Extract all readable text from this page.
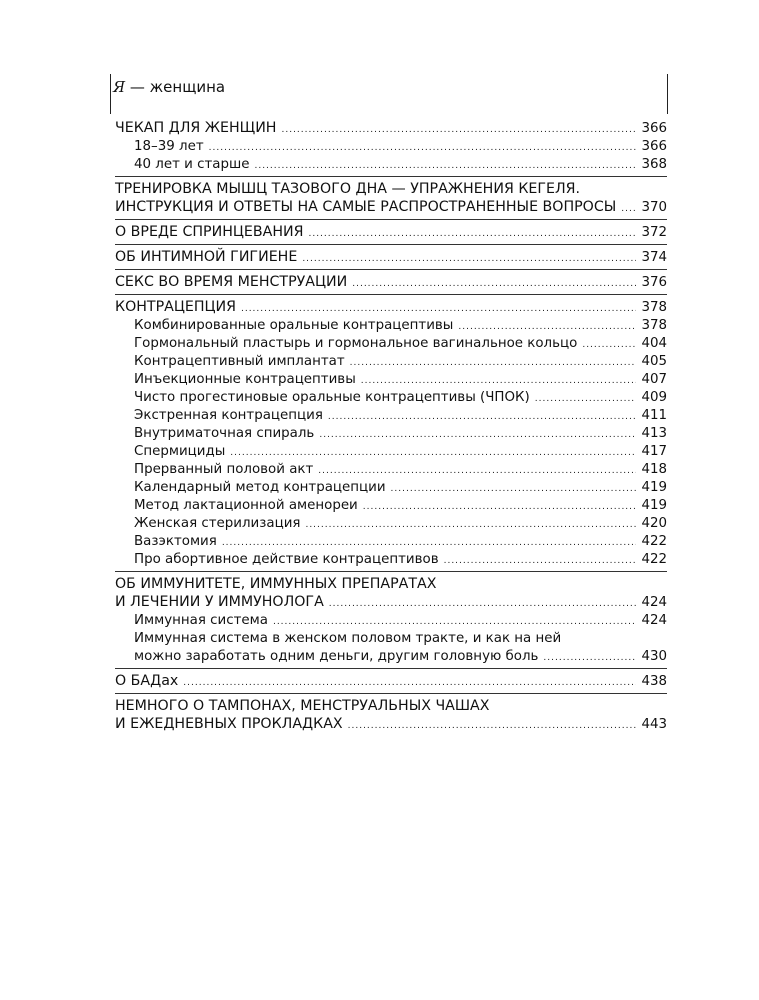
Я — женщина
ЧЕКАП ДЛЯ ЖЕНЩИН .....	366
18–39 лет .....	366
40 лет и старше .....	368
ТРЕНИРОВКА МЫШЦ ТАЗОВОГО ДНА — УПРАЖНЕНИЯ КЕГЕЛЯ.
ИНСТРУКЦИЯ И ОТВЕТЫ НА САМЫЕ РАСПРОСТРАНЕННЫЕ ВОПРОСЫ ..... 370
О ВРЕДЕ СПРИНЦЕВАНИЯ .....	372
ОБ ИНТИМНОЙ ГИГИЕНЕ .....	374
СЕКС ВО ВРЕМЯ МЕНСТРУАЦИИ .....	376
КОНТРАЦЕПЦИЯ .....	378
Комбинированные оральные контрацептивы .....	378
Гормональный пластырь и гормональное вагинальное кольцо .....	404
Контрацептивный имплантат .....	405
Инъекционные контрацептивы .....	407
Чисто прогестиновые оральные контрацептивы (ЧПОК) .....	409
Экстренная контрацепция .....	411
Внутриматочная спираль .....	413
Спермициды .....	417
Прерванный половой акт .....	418
Календарный метод контрацепции .....	419
Метод лактационной аменореи .....	419
Женская стерилизация .....	420
Вазэктомия .....	422
Про абортивное действие контрацептивов .....	422
ОБ ИММУНИТЕТЕ, ИММУННЫХ ПРЕПАРАТАХ
И ЛЕЧЕНИИ У ИММУНОЛОГА .....	424
Иммунная система .....	424
Иммунная система в женском половом тракте, и как на ней
можно заработать одним деньги, другим головную боль .....	430
О БАДах .....	438
НЕМНОГО О ТАМПОНАХ, МЕНСТРУАЛЬНЫХ ЧАШАХ
И ЕЖЕДНЕВНЫХ ПРОКЛАДКАХ .....	443
